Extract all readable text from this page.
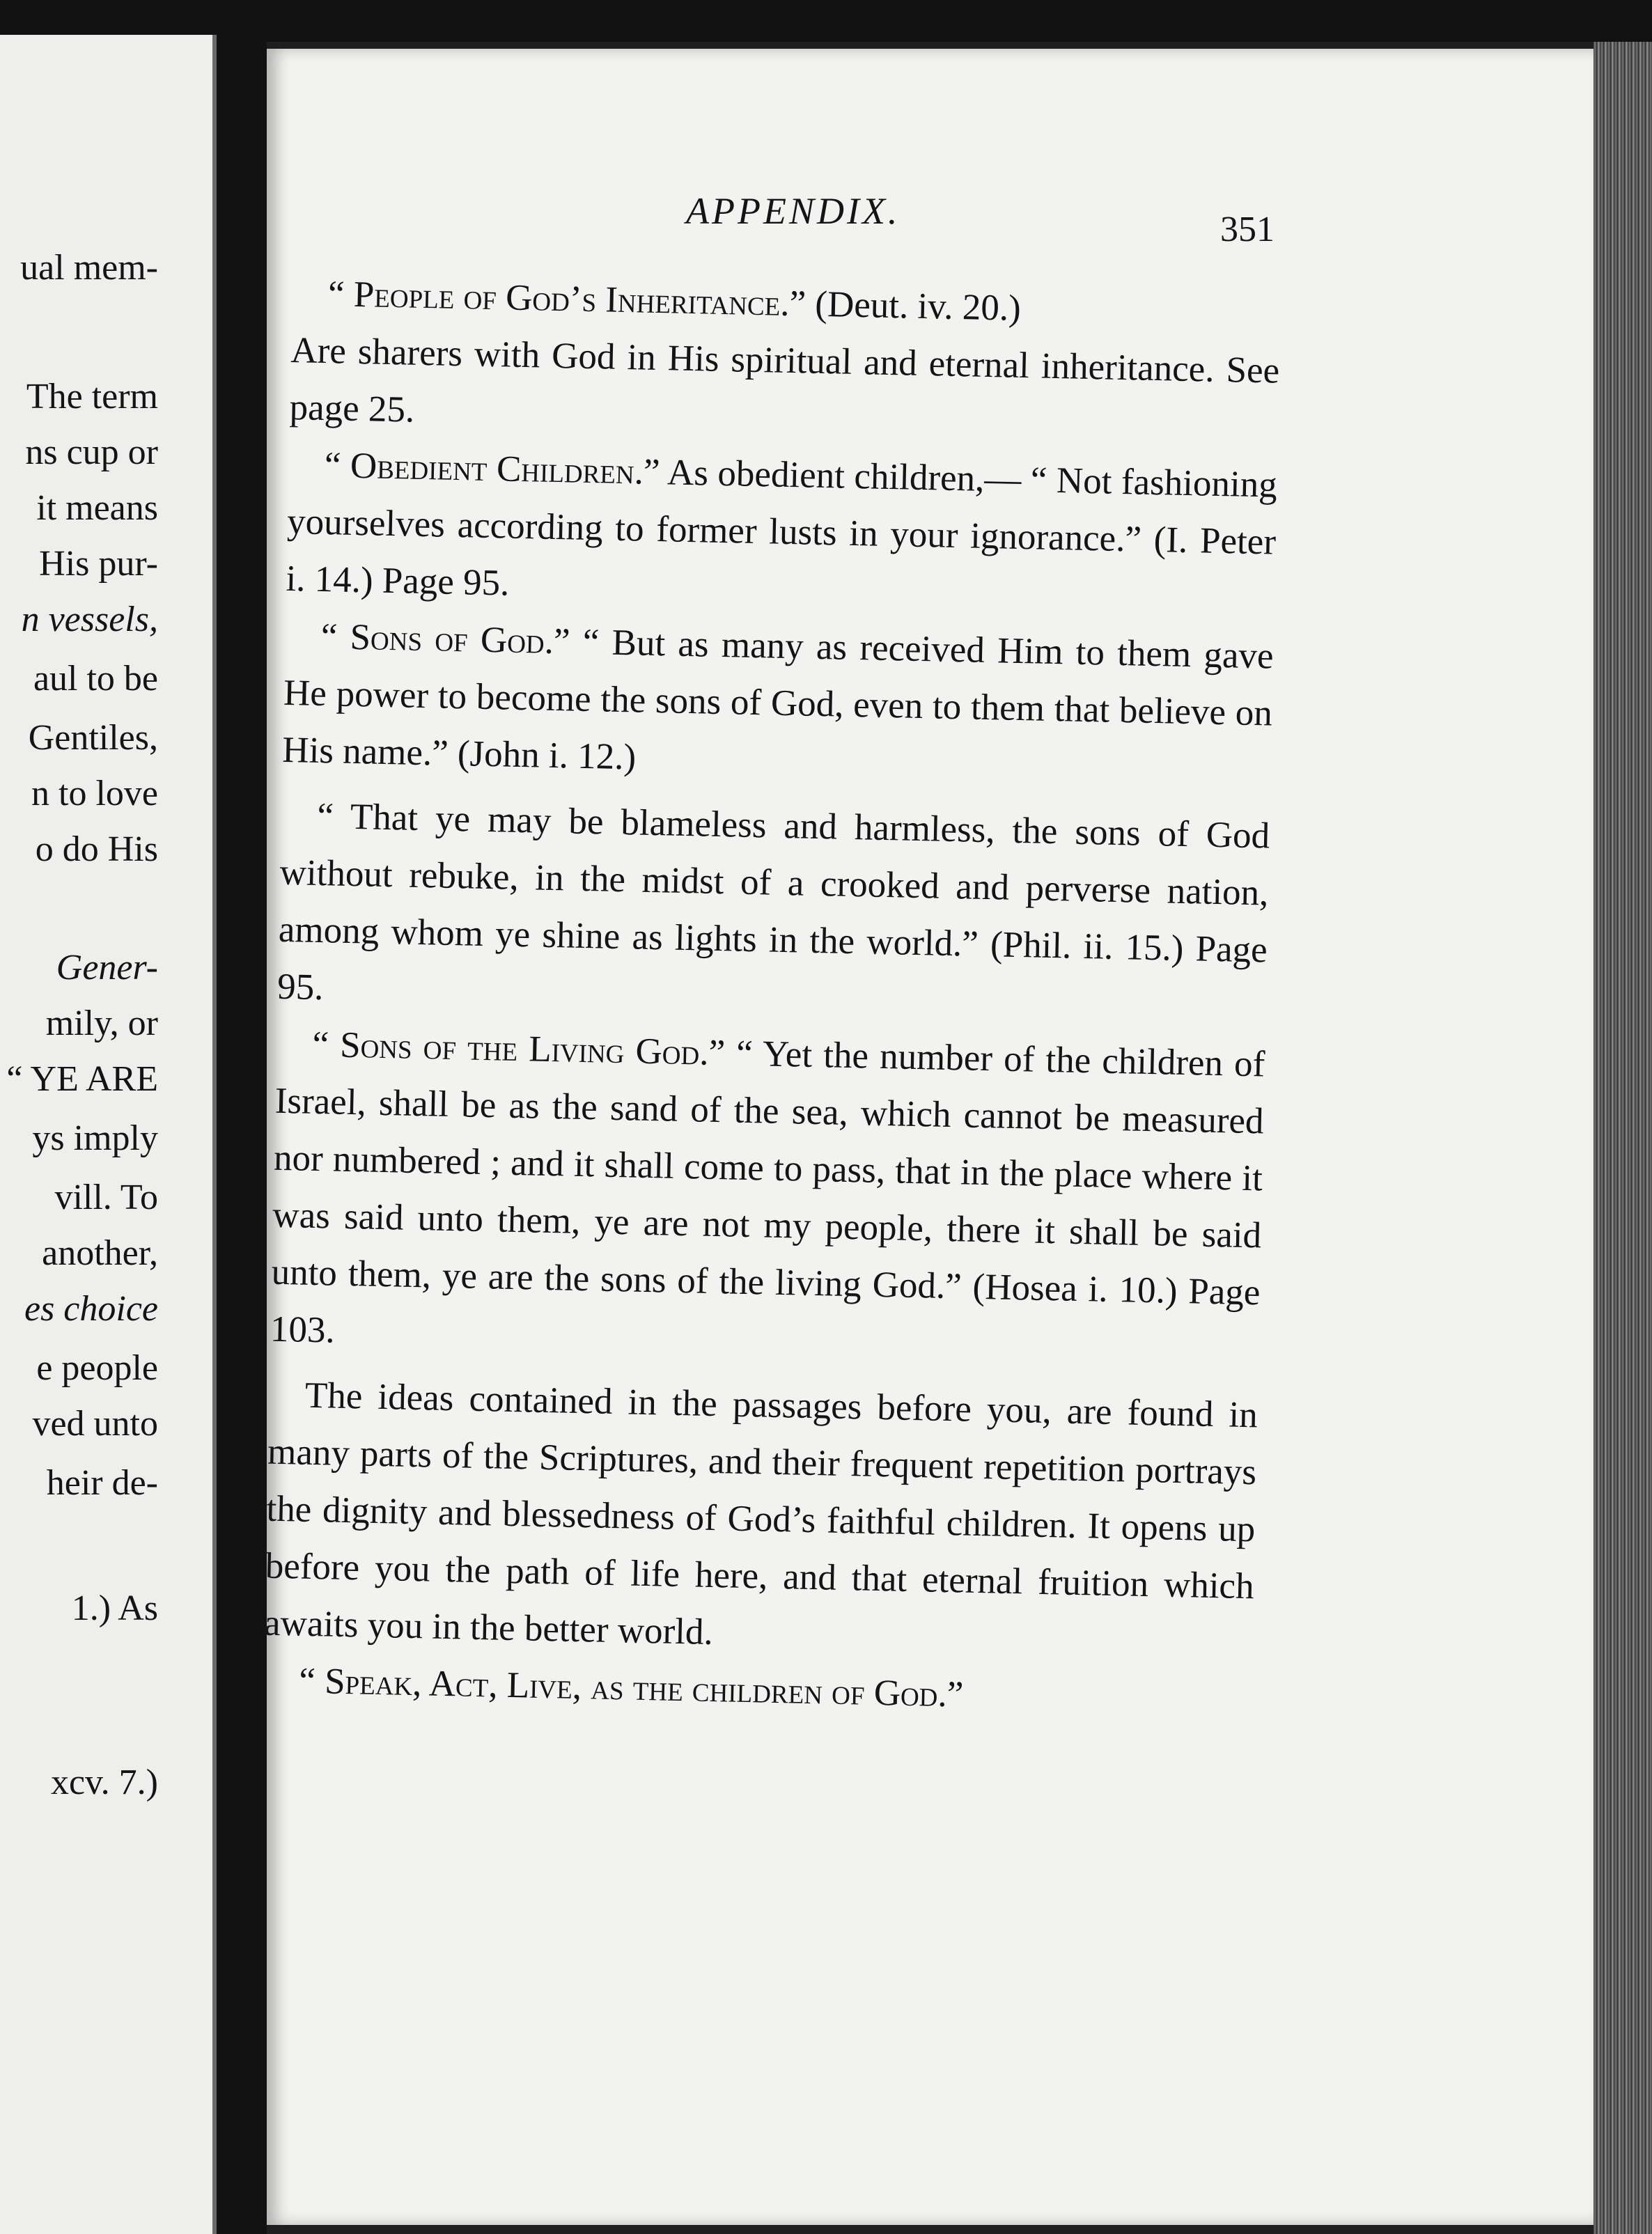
ual mem-
The term
ns cup or
it means
His pur-
n vessels,
aul to be
Gentiles,
n to love
o do His
Gener-
mily, or
“ YE ARE
ys imply
vill. To
another,
es choice
e people
ved unto
heir de-
1.) As
xcv. 7.)
APPENDIX.	351

“ People of God’s Inheritance.” (Deut. iv. 20.)
Are sharers with God in His spiritual and eternal inheritance. See page 25.

“ Obedient Children.” As obedient children,— “ Not fashioning yourselves according to former lusts in your ignorance.” (I. Peter i. 14.) Page 95.

“ Sons of God.” “ But as many as received Him to them gave He power to become the sons of God, even to them that believe on His name.” (John i. 12.)

“ That ye may be blameless and harmless, the sons of God without rebuke, in the midst of a crooked and perverse nation, among whom ye shine as lights in the world.” (Phil. ii. 15.) Page 95.

“ Sons of the Living God.” “ Yet the number of the children of Israel, shall be as the sand of the sea, which cannot be measured nor numbered ; and it shall come to pass, that in the place where it was said unto them, ye are not my people, there it shall be said unto them, ye are the sons of the living God.” (Hosea i. 10.) Page 103.

The ideas contained in the passages before you, are found in many parts of the Scriptures, and their frequent repetition portrays the dignity and blessedness of God’s faithful children. It opens up before you the path of life here, and that eternal fruition which awaits you in the better world.

“ Speak, Act, Live, as the children of God.”
